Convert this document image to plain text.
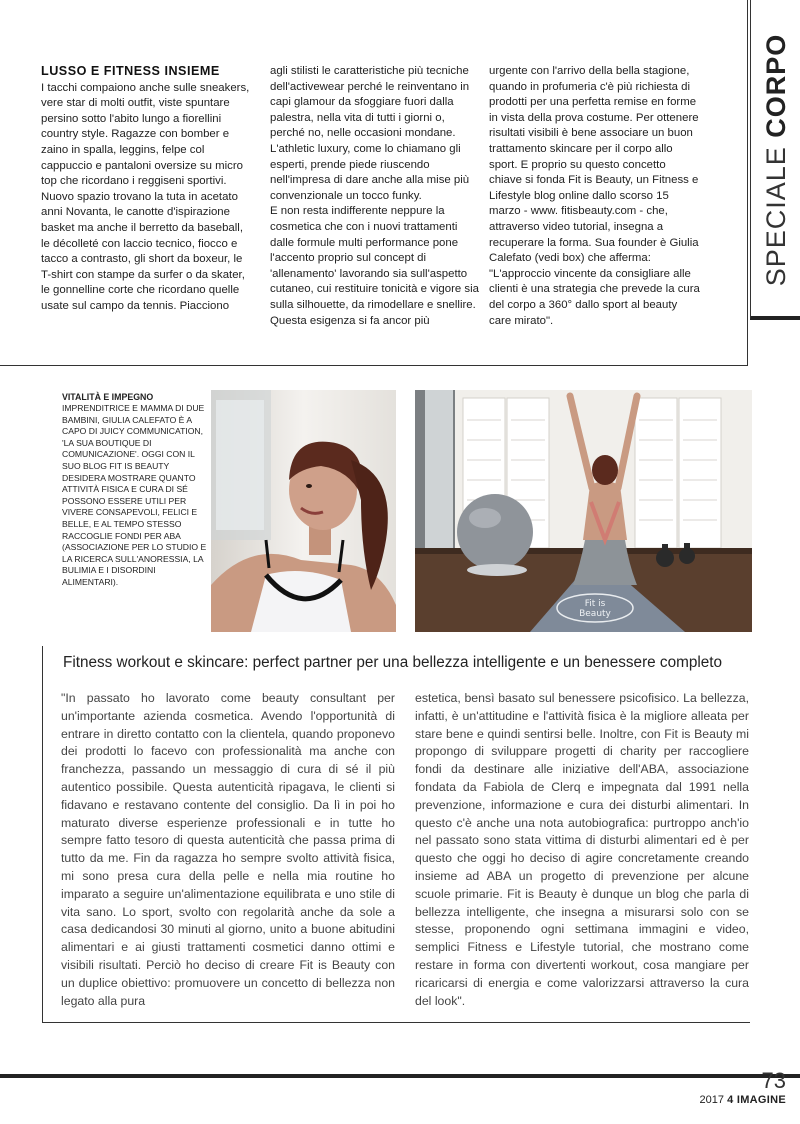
LUSSO E FITNESS INSIEME

I tacchi compaiono anche sulle sneakers, vere star di molti outfit, viste spuntare persino sotto l'abito lungo a fiorellini country style. Ragazze con bomber e zaino in spalla, leggins, felpe col cappuccio e pantaloni oversize su micro top che ricordano i reggiseni sportivi. Nuovo spazio trovano la tuta in acetato anni Novanta, le canotte d'ispirazione basket ma anche il berretto da baseball, le décolleté con laccio tecnico, fiocco e tacco a contrasto, gli short da boxeur, le T-shirt con stampe da surfer o da skater, le gonnelline corte che ricordano quelle usate sul campo da tennis. Piacciono

agli stilisti le caratteristiche più tecniche dell'activewear perché le reinventano in capi glamour da sfoggiare fuori dalla palestra, nella vita di tutti i giorni o, perché no, nelle occasioni mondane. L'athletic luxury, come lo chiamano gli esperti, prende piede riuscendo nell'impresa di dare anche alla mise più convenzionale un tocco funky.
E non resta indifferente neppure la cosmetica che con i nuovi trattamenti dalle formule multi performance pone l'accento proprio sul concept di 'allenamento' lavorando sia sull'aspetto cutaneo, cui restituire tonicità e vigore sia sulla silhouette, da rimodellare e snellire. Questa esigenza si fa ancor più

urgente con l'arrivo della bella stagione, quando in profumeria c'è più richiesta di prodotti per una perfetta remise en forme in vista della prova costume. Per ottenere risultati visibili è bene associare un buon trattamento skincare per il corpo allo sport. E proprio su questo concetto chiave si fonda Fit is Beauty, un Fitness e Lifestyle blog online dallo scorso 15 marzo - www. fitisbeauty.com - che, attraverso video tutorial, insegna a recuperare la forma. Sua founder è Giulia Calefato (vedi box) che afferma: "L'approccio vincente da consigliare alle clienti è una strategia che prevede la cura del corpo a 360° dallo sport al beauty care mirato".

SPECIALE CORPO
VITALITÀ E IMPEGNO
IMPRENDITRICE E MAMMA DI DUE BAMBINI, GIULIA CALEFATO È A CAPO DI JUICY COMMUNICATION, 'LA SUA BOUTIQUE DI COMUNICAZIONE'. OGGI CON IL SUO BLOG FIT IS BEAUTY DESIDERA MOSTRARE QUANTO ATTIVITÀ FISICA E CURA DI SÉ POSSONO ESSERE UTILI PER VIVERE CONSAPEVOLI, FELICI E BELLE, E AL TEMPO STESSO RACCOGLIE FONDI PER ABA (ASSOCIAZIONE PER LO STUDIO E LA RICERCA SULL'ANORESSIA, LA BULIMIA E I DISORDINI ALIMENTARI).
Fit is
Beauty
Fitness workout e skincare: perfect partner per una bellezza intelligente e un benessere completo
"In passato ho lavorato come beauty consultant per un'importante azienda cosmetica. Avendo l'opportunità di entrare in diretto contatto con la clientela, quando proponevo dei prodotti lo facevo con professionalità ma anche con franchezza, passando un messaggio di cura di sé il più autentico possibile. Questa autenticità ripagava, le clienti si fidavano e restavano contente del consiglio. Da lì in poi ho maturato diverse esperienze professionali e in tutte ho sempre fatto tesoro di questa autenticità che passa prima di tutto da me. Fin da ragazza ho sempre svolto attività fisica, mi sono presa cura della pelle e nella mia routine ho imparato a seguire un'alimentazione equilibrata e uno stile di vita sano. Lo sport, svolto con regolarità anche da sole a casa dedicandosi 30 minuti al giorno, unito a buone abitudini alimentari e ai giusti trattamenti cosmetici danno ottimi e visibili risultati. Perciò ho deciso di creare Fit is Beauty con un duplice obiettivo: promuovere un concetto di bellezza non legato alla pura
estetica, bensì basato sul benessere psicofisico. La bellezza, infatti, è un'attitudine e l'attività fisica è la migliore alleata per stare bene e quindi sentirsi belle. Inoltre, con Fit is Beauty mi propongo di sviluppare progetti di charity per raccogliere fondi da destinare alle iniziative dell'ABA, associazione fondata da Fabiola de Clerq e impegnata dal 1991 nella prevenzione, informazione e cura dei disturbi alimentari. In questo c'è anche una nota autobiografica: purtroppo anch'io nel passato sono stata vittima di disturbi alimentari ed è per questo che oggi ho deciso di agire concretamente creando insieme ad ABA un progetto di prevenzione per alcune scuole primarie. Fit is Beauty è dunque un blog che parla di bellezza intelligente, che insegna a misurarsi solo con se stesse, proponendo ogni settimana immagini e video, semplici Fitness e Lifestyle tutorial, che mostrano come restare in forma con divertenti workout, cosa mangiare per ricaricarsi di energia e come valorizzarsi attraverso la cura del look".
73
2017 4 IMAGINE
